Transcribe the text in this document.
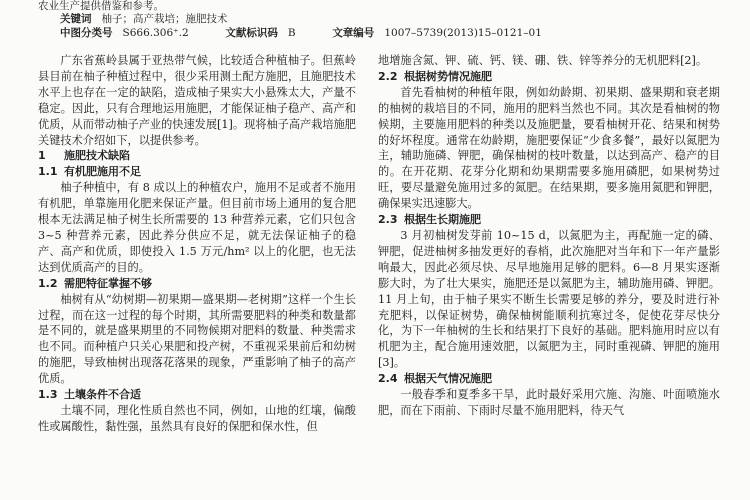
农业生产提供借鉴和参考。
关键词 柚子；高产栽培；施肥技术
中图分类号 S666.306⁺.2	文献标识码 B	文章编号 1007–5739(2013)15–0121–01

广东省蕉岭县属于亚热带气候，比较适合种植柚子。但蕉岭县目前在柚子种植过程中，很少采用测土配方施肥，且施肥技术水平上也存在一定的缺陷，造成柚子果实大小悬殊太大，产量不稳定。因此，只有合理地运用施肥，才能保证柚子稳产、高产和优质，从而带动柚子产业的快速发展[1]。现将柚子高产栽培施肥关键技术介绍如下，以提供参考。

1 施肥技术缺陷
1.1 有机肥施用不足

柚子种植中，有 8 成以上的种植农户，施用不足或者不施用有机肥，单靠施用化肥来保证产量。但目前市场上通用的复合肥根本无法满足柚子树生长所需要的 13 种营养元素，它们只包含 3~5 种营养元素，因此养分供应不足，就无法保证柚子的稳产、高产和优质，即使投入 1.5 万元/hm² 以上的化肥，也无法达到优质高产的目的。

1.2 需肥特征掌握不够

柚树有从“幼树期—初果期—盛果期—老树期”这样一个生长过程，而在这一过程的每个时期，其所需要肥料的种类和数量都是不同的，就是盛果期里的不同物候期对肥料的数量、种类需求也不同。而种植户只关心果肥和投产树，不重视采果前后和幼树的施肥，导致柚树出现落花落果的现象，严重影响了柚子的高产优质。

1.3 土壤条件不合适

土壤不同，理化性质自然也不同，例如，山地的红壤，偏酸性或属酸性，黏性强，虽然具有良好的保肥和保水性，但

地增施含氮、钾、硫、钙、镁、硼、铁、锌等养分的无机肥料[2]。

2.2 根据树势情况施肥

首先看柚树的种植年限，例如幼龄期、初果期、盛果期和衰老期的柚树的栽培目的不同，施用的肥料当然也不同。其次是看柚树的物候期，主要施用肥料的种类以及施肥量，要看柚树开花、结果和树势的好坏程度。通常在幼龄期，施肥要保证“少食多餐”，最好以氮肥为主，辅助施磷、钾肥，确保柚树的枝叶数量，以达到高产、稳产的目的。在开花期、花芽分化期和幼果期需要多施用磷肥，如果树势过旺，要尽量避免施用过多的氮肥。在结果期，要多施用氮肥和钾肥，确保果实迅速膨大。

2.3 根据生长期施肥

3 月初柚树发芽前 10~15 d，以氮肥为主，再配施一定的磷、钾肥，促进柚树多抽发更好的春梢，此次施肥对当年和下一年产量影响最大，因此必须尽快、尽早地施用足够的肥料。6—8 月果实逐渐膨大时，为了壮大果实，施肥还是以氮肥为主，辅助施用磷、钾肥。11 月上旬，由于柚子果实不断生长需要足够的养分，要及时进行补充肥料，以保证树势，确保柚树能顺利抗寒过冬，促使花芽尽快分化，为下一年柚树的生长和结果打下良好的基础。肥料施用时应以有机肥为主，配合施用速效肥，以氮肥为主，同时重视磷、钾肥的施用[3]。

2.4 根据天气情况施肥

一般春季和夏季多干旱，此时最好采用穴施、沟施、叶面喷施水肥，而在下雨前、下雨时尽量不施用肥料，待天气
